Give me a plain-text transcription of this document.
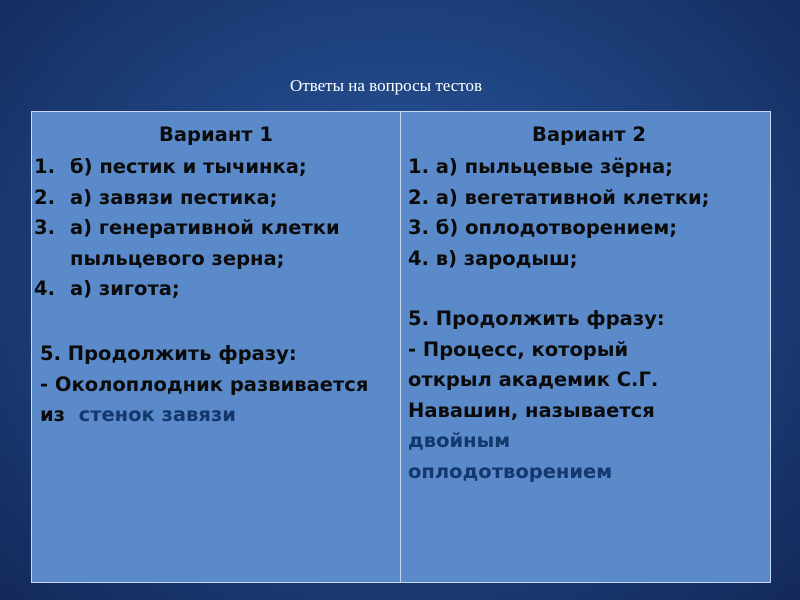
Ответы на вопросы тестов
Вариант 1
1. б) пестик и тычинка;
2. а) завязи пестика;
3. а) генеративной клетки пыльцевого зерна;
4. а) зигота;
5. Продолжить фразу:
- Околоплодник развивается из стенок завязи
Вариант 2
1. а) пыльцевые зёрна;
2. а) вегетативной клетки;
3. б) оплодотворением;
4. в) зародыш;
5. Продолжить фразу:
- Процесс, который открыл академик С.Г. Навашин, называется двойным оплодотворением
